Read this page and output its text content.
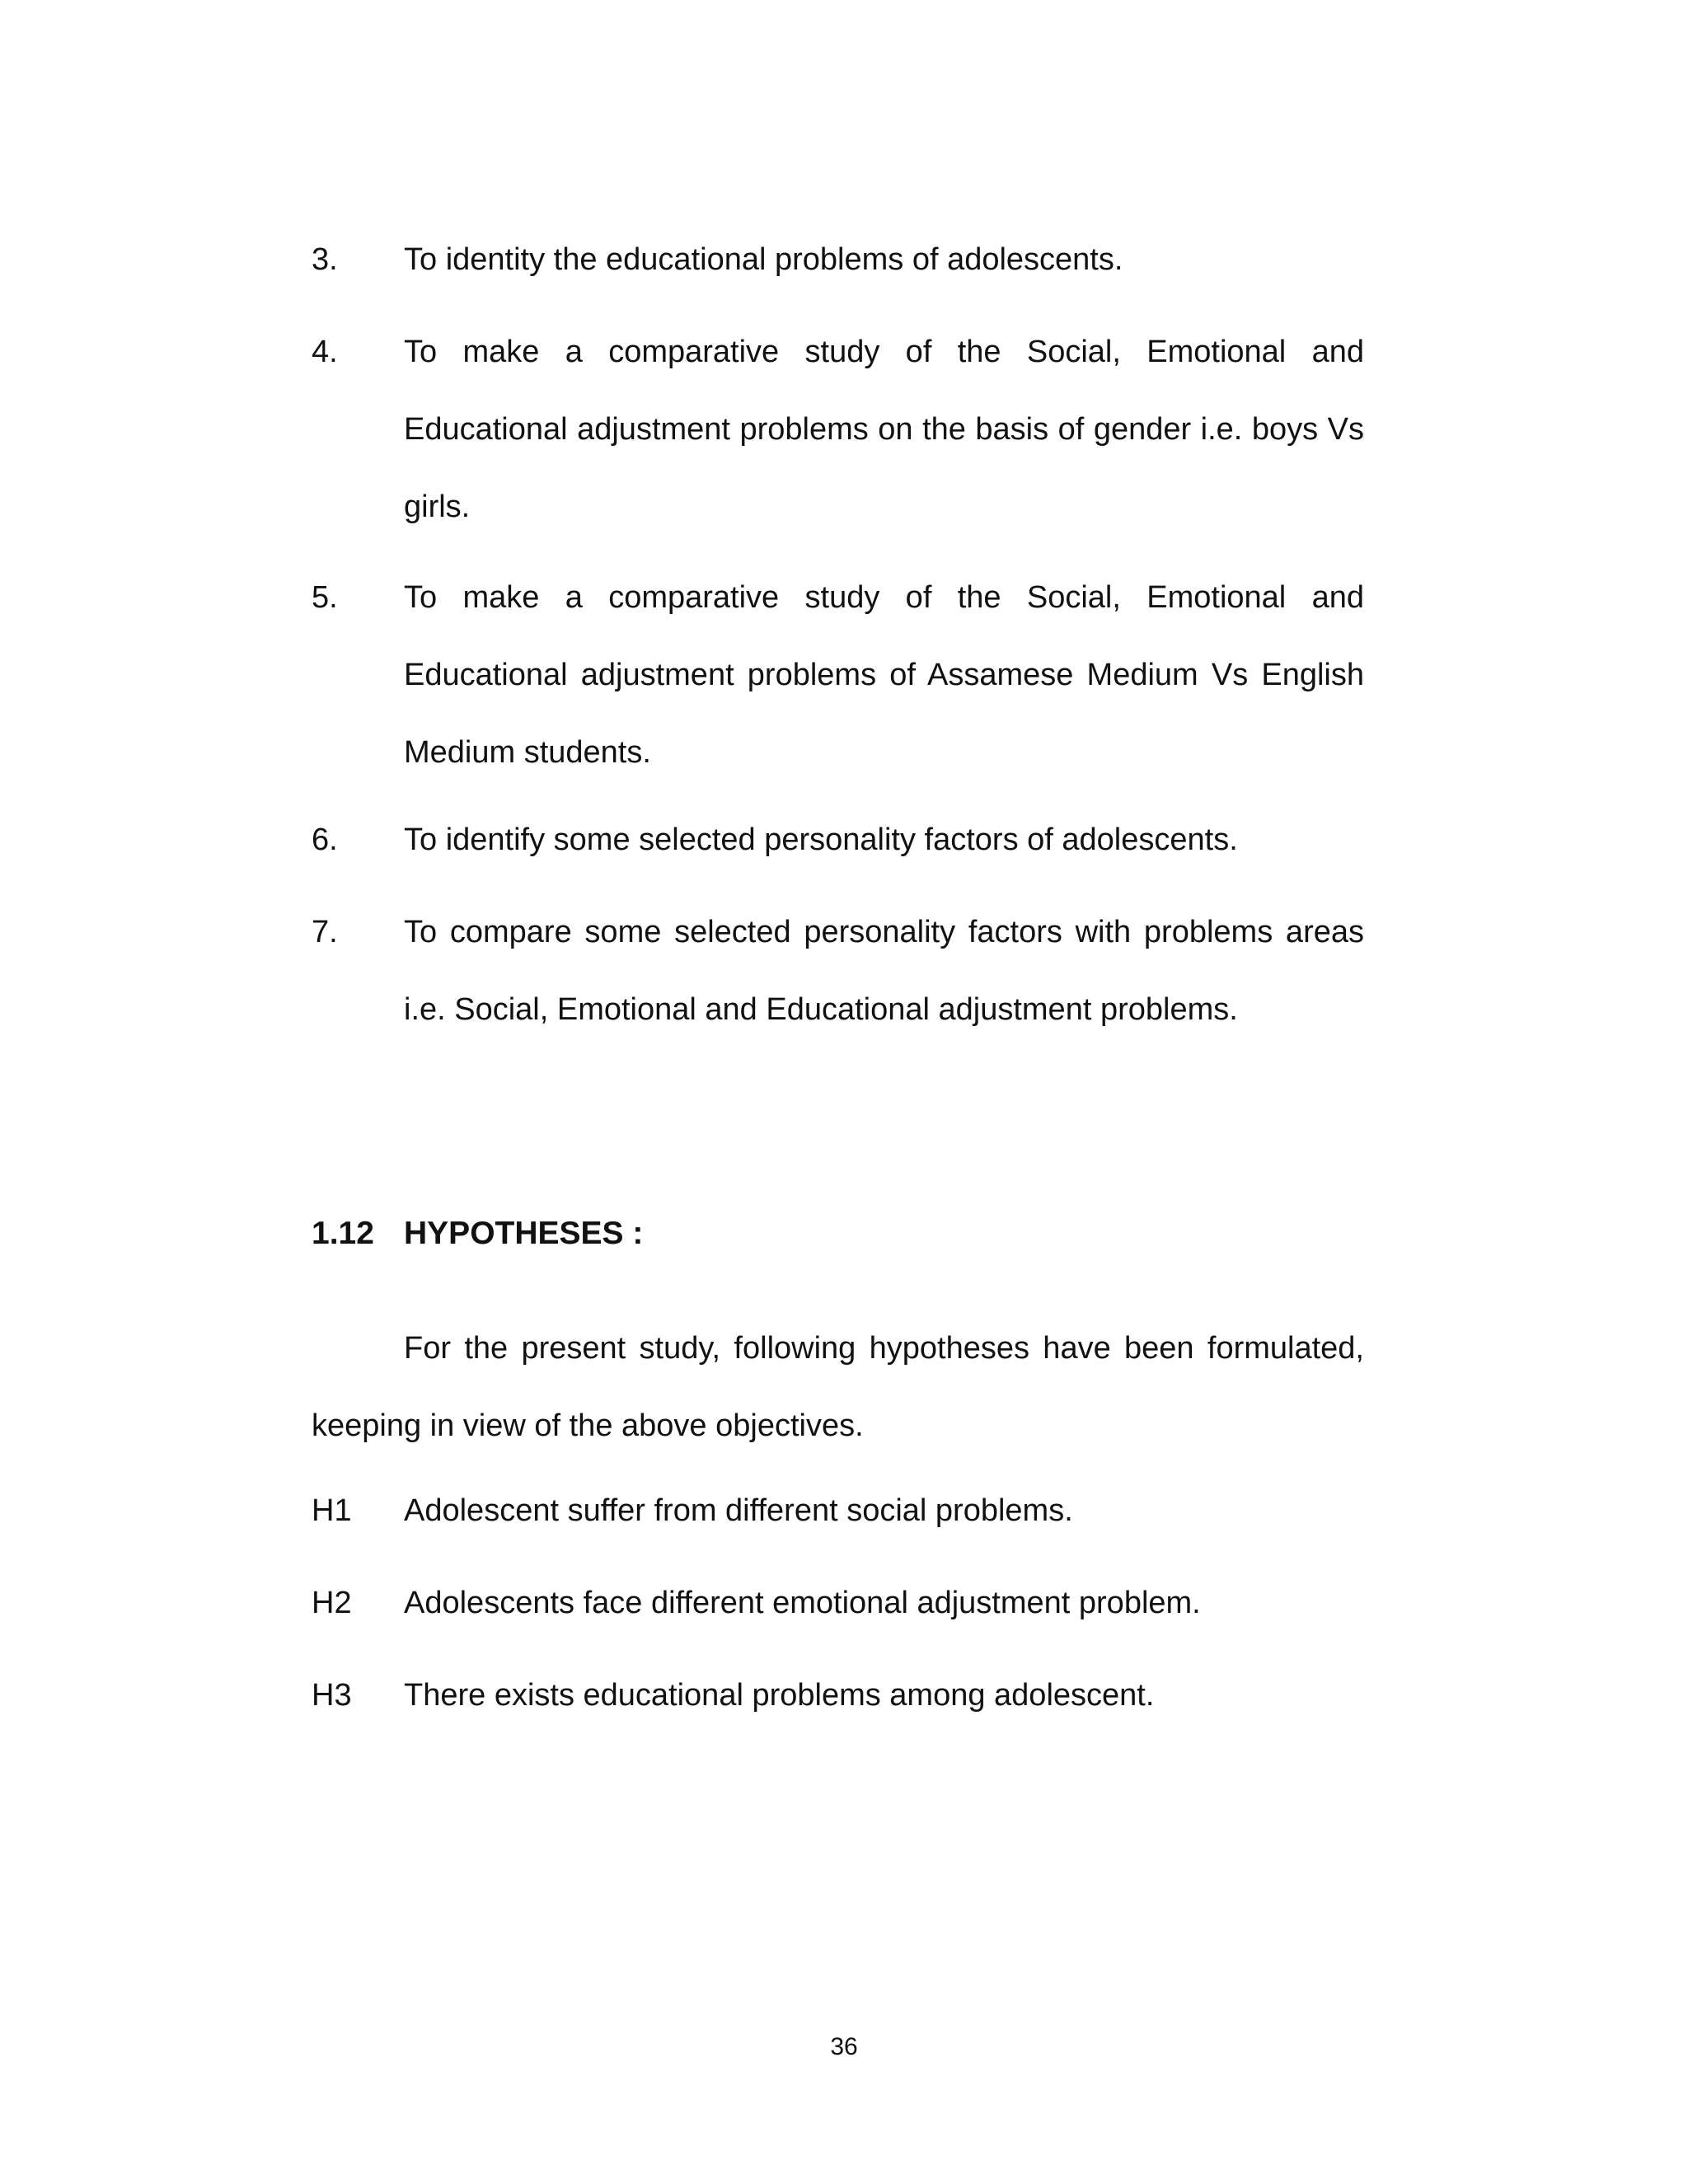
3. To identity the educational problems of adolescents.
4. To make a comparative study of the Social, Emotional and Educational adjustment problems on the basis of gender i.e. boys Vs girls.
5. To make a comparative study of the Social, Emotional and Educational adjustment problems of Assamese Medium Vs English Medium students.
6. To identify some selected personality factors of adolescents.
7. To compare some selected personality factors with problems areas i.e. Social, Emotional and Educational adjustment problems.
1.12 HYPOTHESES :
For the present study, following hypotheses have been formulated, keeping in view of the above objectives.
H1 Adolescent suffer from different social problems.
H2 Adolescents face different emotional adjustment problem.
H3 There exists educational problems among adolescent.
36
